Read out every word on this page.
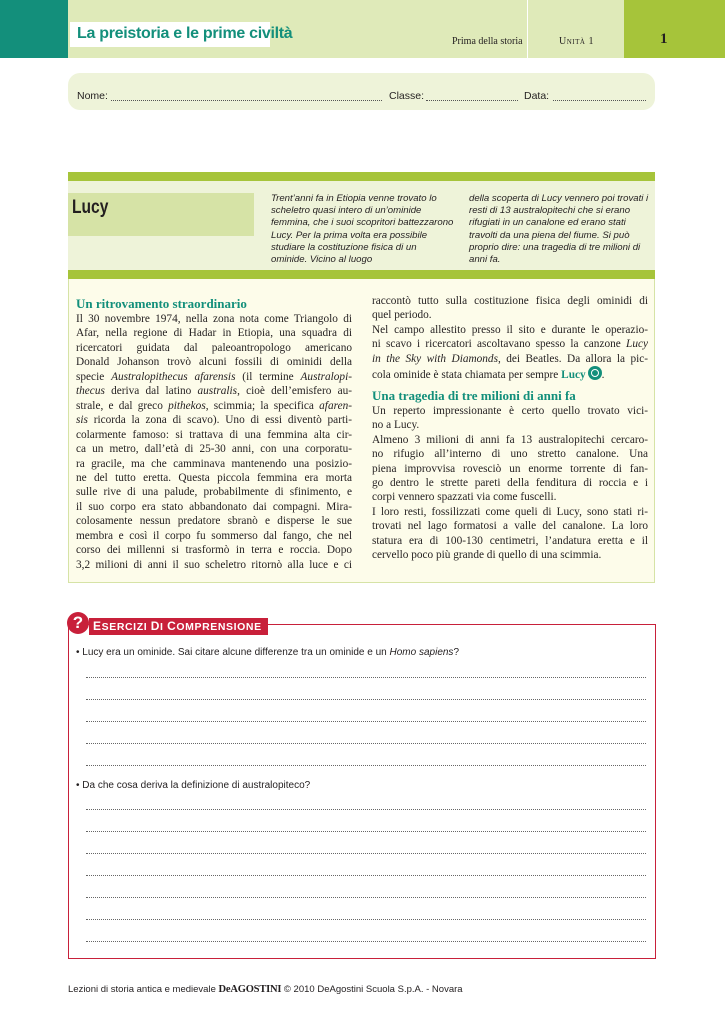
La preistoria e le prime civiltà	Prima della storia	Unità 1	1
Nome:	Classe:	Data:
Lucy	Trent’anni fa in Etiopia venne trovato lo scheletro quasi intero di un’ominide femmina, che i suoi scopritori battezzarono Lucy. Per la prima volta era possibile studiare la costituzione fisica di un ominide. Vicino al luogo
della scoperta di Lucy vennero poi trovati i resti di 13 australopitechi che si erano rifugiati in un canalone ed erano stati travolti da una piena del fiume. Si può proprio dire: una tragedia di tre milioni di anni fa.
Un ritrovamento straordinario
Il 30 novembre 1974, nella zona nota come Triangolo di
Afar, nella regione di Hadar in Etiopia, una squadra di
ricercatori guidata dal paleoantropologo americano
Donald Johanson trovò alcuni fossili di ominidi della
specie Australopithecus afarensis (il termine Australopi-
thecus deriva dal latino australis, cioè dell’emisfero au-
strale, e dal greco pithekos, scimmia; la specifica afaren-
sis ricorda la zona di scavo). Uno di essi diventò parti-
colarmente famoso: si trattava di una femmina alta cir-
ca un metro, dall’età di 25-30 anni, con una corporatu-
ra gracile, ma che camminava mantenendo una posizio-
ne del tutto eretta. Questa piccola femmina era morta
sulle rive di una palude, probabilmente di sfinimento, e
il suo corpo era stato abbandonato dai compagni. Mira-
colosamente nessun predatore sbranò e disperse le sue
membra e così il corpo fu sommerso dal fango, che nel
corso dei millenni si trasformò in terra e roccia. Dopo
3,2 milioni di anni il suo scheletro ritornò alla luce e ci
raccontò tutto sulla costituzione fisica degli ominidi di
quel periodo.
Nel campo allestito presso il sito e durante le operazio-
ni scavo i ricercatori ascoltavano spesso la canzone Lucy
in the Sky with Diamonds, dei Beatles. Da allora la pic-
cola ominide è stata chiamata per sempre Lucy .
Una tragedia di tre milioni di anni fa
Un reperto impressionante è certo quello trovato vici-
no a Lucy.
Almeno 3 milioni di anni fa 13 australopitechi cercaro-
no rifugio all’interno di uno stretto canalone. Una
piena improvvisa rovesciò un enorme torrente di fan-
go dentro le strette pareti della fenditura di roccia e i
corpi vennero spazzati via come fuscelli.
I loro resti, fossilizzati come queli di Lucy, sono stati ri-
trovati nel lago formatosi a valle del canalone. La loro
statura era di 100-130 centimetri, l’andatura eretta e il
cervello poco più grande di quello di una scimmia.
ESERCIZI DI COMPRENSIONE
?
• Lucy era un ominide. Sai citare alcune differenze tra un ominide e un Homo sapiens?
• Da che cosa deriva la definizione di australopiteco?
Lezioni di storia antica e medievale DeAGOSTINI © 2010 DeAgostini Scuola S.p.A. - Novara
